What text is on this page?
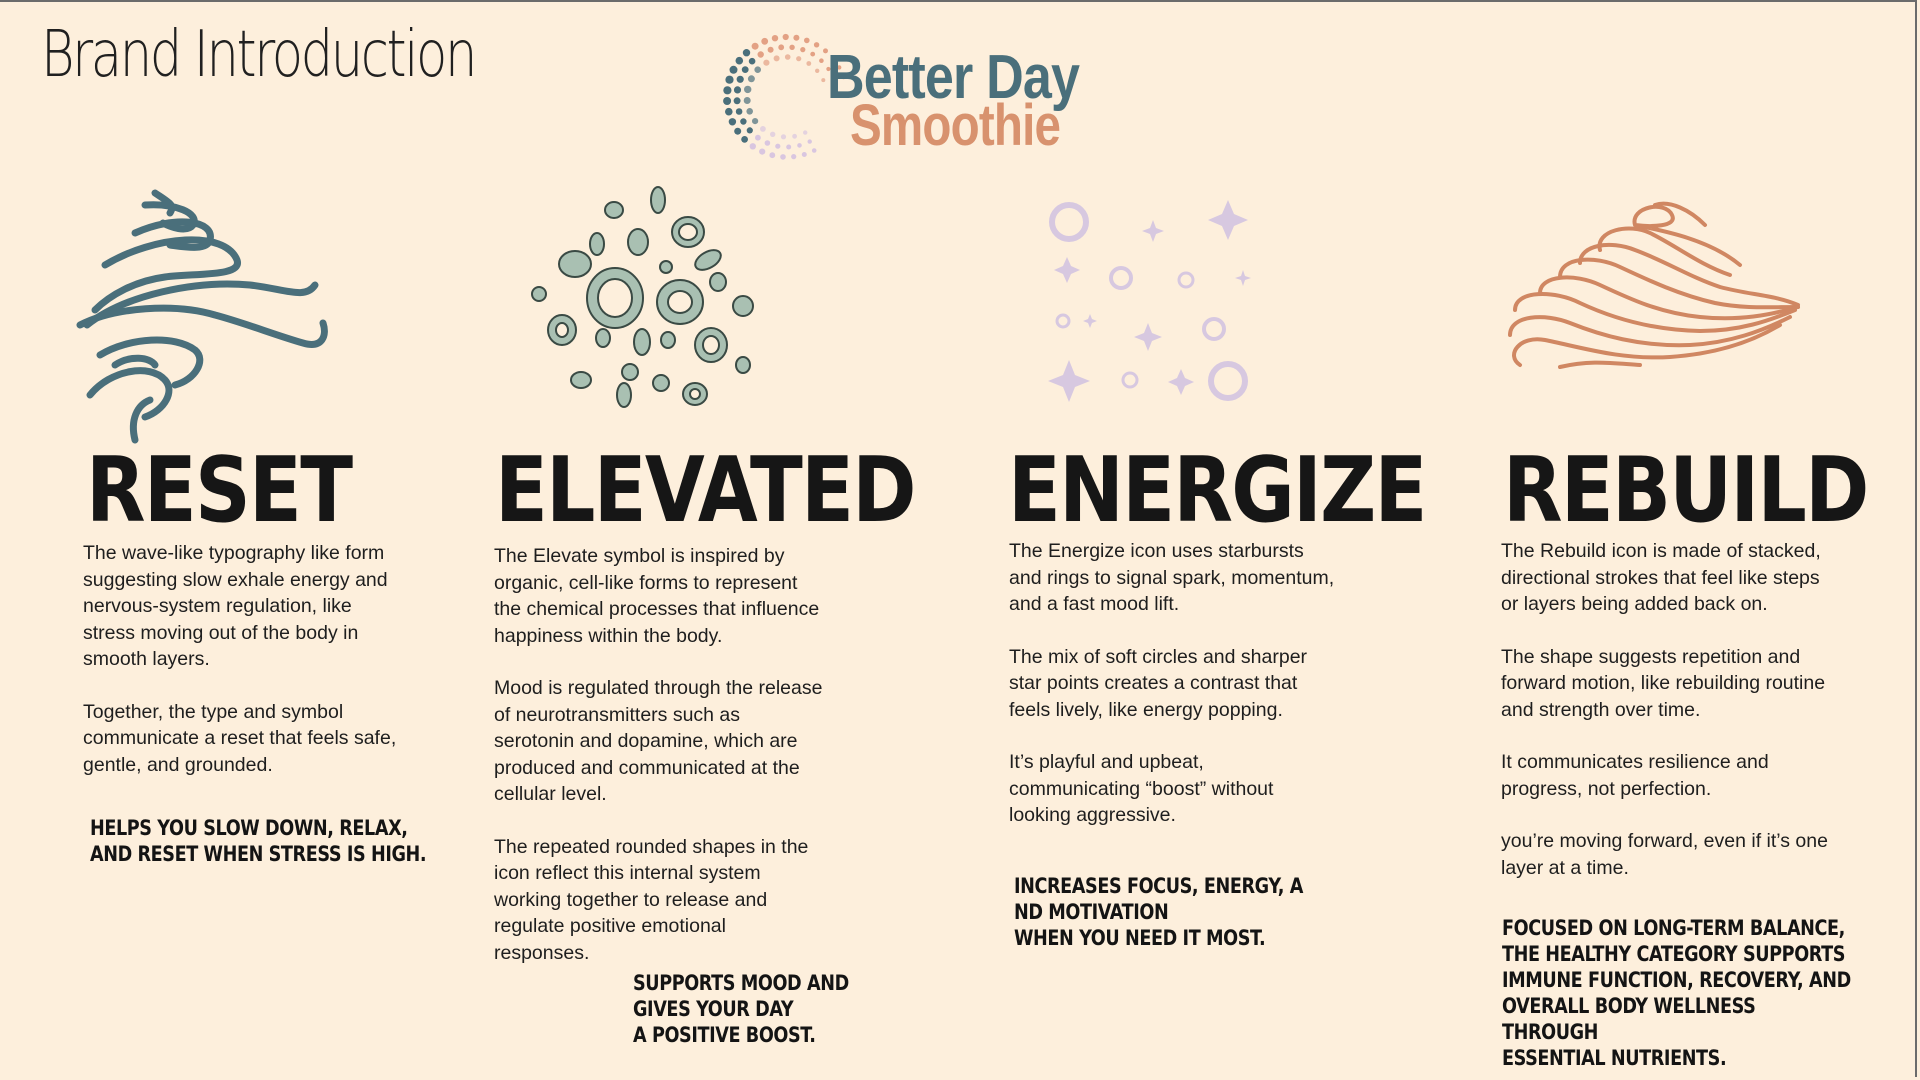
Brand Introduction	Better Day
Smoothie
RESET

The wave-like typography like form suggesting slow exhale energy and nervous-system regulation, like stress moving out of the body in smooth layers.

Together, the type and symbol communicate a reset that feels safe, gentle, and grounded.

HELPS YOU SLOW DOWN, RELAX,
AND RESET WHEN STRESS IS HIGH.
ELEVATED

The Elevate symbol is inspired by organic, cell-like forms to represent the chemical processes that influence happiness within the body.

Mood is regulated through the release of neurotransmitters such as serotonin and dopamine, which are produced and communicated at the cellular level.

The repeated rounded shapes in the icon reflect this internal system working together to release and regulate positive emotional responses.

SUPPORTS MOOD AND
GIVES YOUR DAY
A POSITIVE BOOST.
ENERGIZE

The Energize icon uses starbursts and rings to signal spark, momentum, and a fast mood lift.

The mix of soft circles and sharper star points creates a contrast that feels lively, like energy popping.

It’s playful and upbeat, communicating “boost” without looking aggressive.

INCREASES FOCUS, ENERGY, A
ND MOTIVATION
WHEN YOU NEED IT MOST.
REBUILD

The Rebuild icon is made of stacked, directional strokes that feel like steps or layers being added back on.

The shape suggests repetition and forward motion, like rebuilding routine and strength over time.

It communicates resilience and progress, not perfection.

you’re moving forward, even if it’s one layer at a time.

FOCUSED ON LONG-TERM BALANCE,
THE HEALTHY CATEGORY SUPPORTS
IMMUNE FUNCTION, RECOVERY, AND
OVERALL BODY WELLNESS THROUGH
ESSENTIAL NUTRIENTS.
